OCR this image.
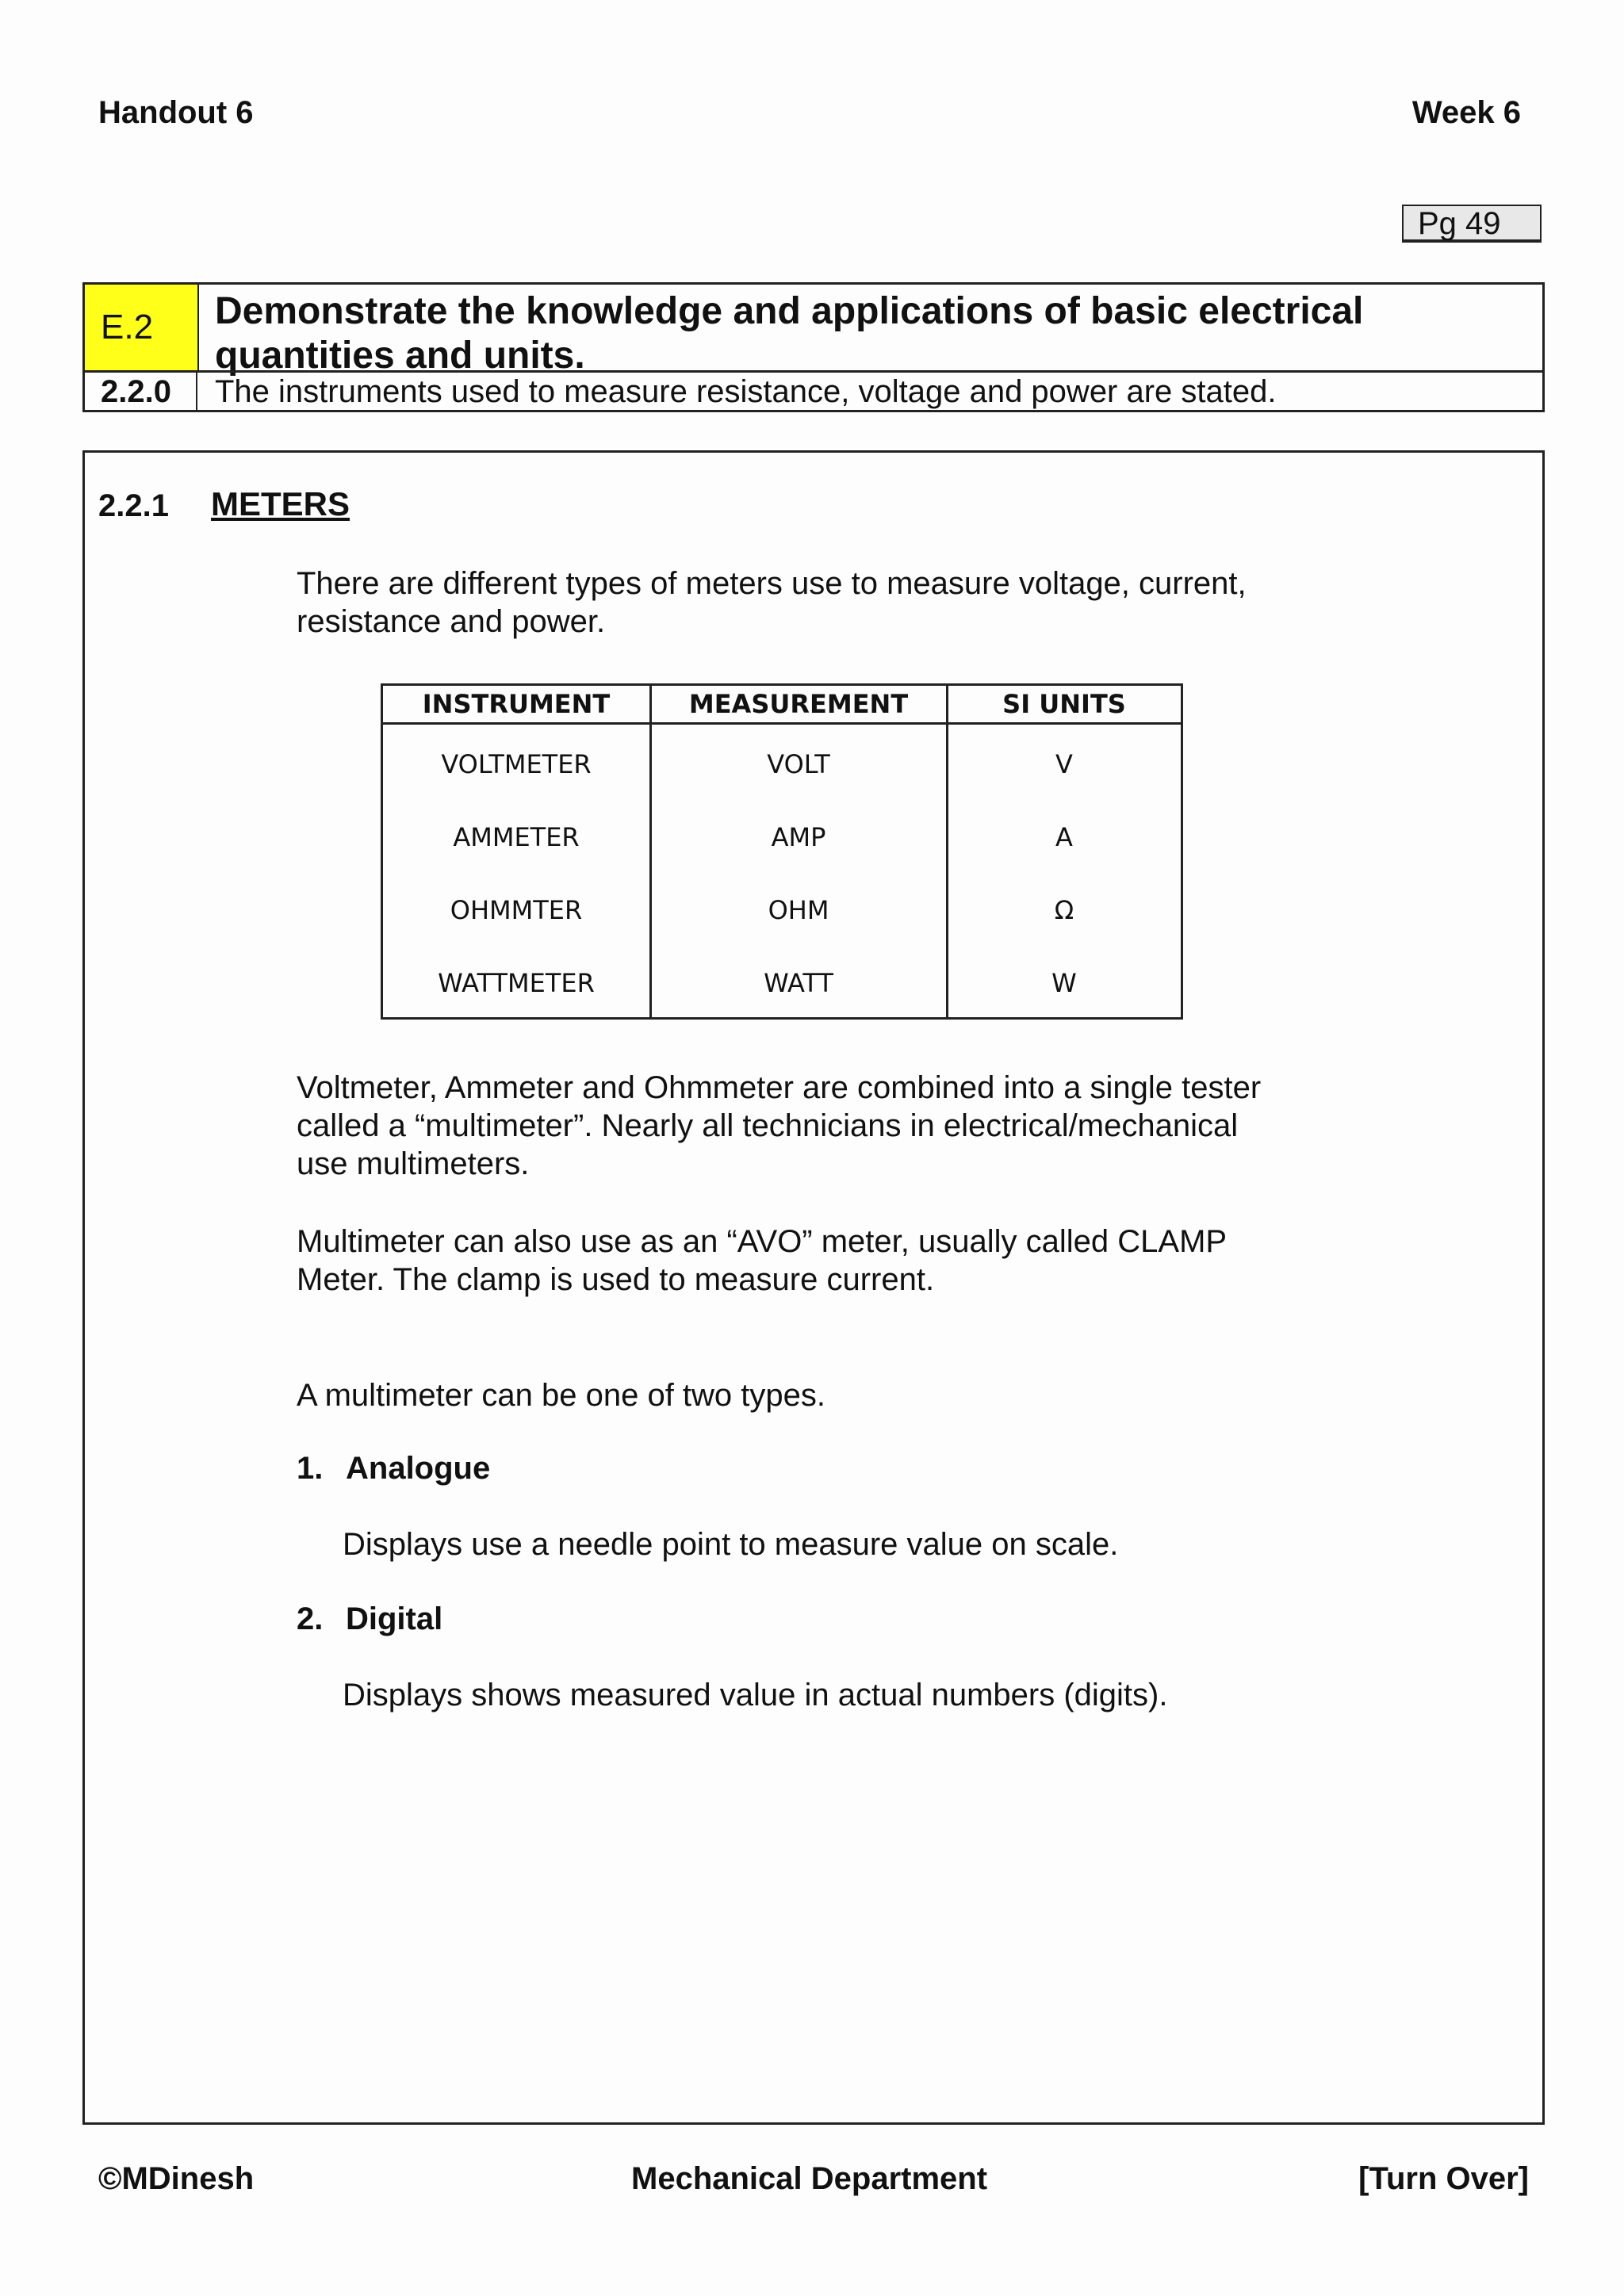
Handout 6	Week 6
Pg 49
E.2	Demonstrate the knowledge and applications of basic electrical
quantities and units.
2.2.0 The instruments used to measure resistance, voltage and power are stated.
2.2.1 METERS
There are different types of meters use to measure voltage, current,
resistance and power.
INSTRUMENT	MEASUREMENT	SI UNITS
VOLTMETER	VOLT	V
AMMETER	AMP	A
OHMMTER	OHM	Ω
WATTMETER	WATT	W
Voltmeter, Ammeter and Ohmmeter are combined into a single tester
called a “multimeter”. Nearly all technicians in electrical/mechanical
use multimeters.
Multimeter can also use as an “AVO” meter, usually called CLAMP
Meter. The clamp is used to measure current.
A multimeter can be one of two types.
1. Analogue
Displays use a needle point to measure value on scale.
2. Digital
Displays shows measured value in actual numbers (digits).
©MDinesh	Mechanical Department	[Turn Over]
